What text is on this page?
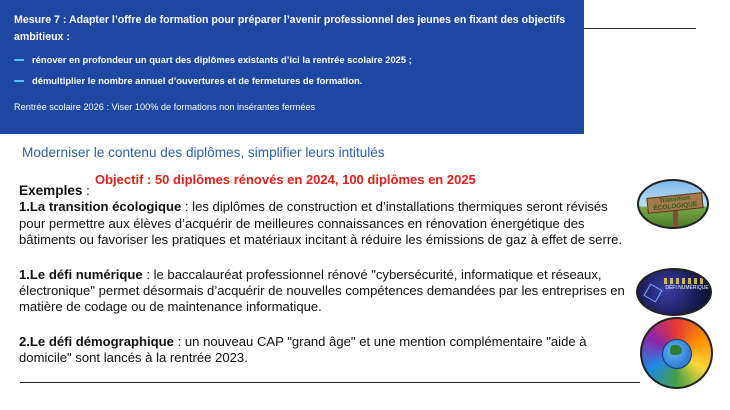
Mesure 7 : Adapter l’offre de formation pour préparer l’avenir professionnel des jeunes en fixant des objectifs ambitieux :
rénover en profondeur un quart des diplômes existants d’ici la rentrée scolaire 2025 ;
démultiplier le nombre annuel d’ouvertures et de fermetures de formation.
Rentrée scolaire 2026 : Viser 100% de formations non insérantes fermées
Moderniser le contenu des diplômes, simplifier leurs intitulés
Objectif : 50 diplômes rénovés en 2024, 100 diplômes en 2025
Exemples :

1.La transition écologique : les diplômes de construction et d’installations thermiques seront révisés pour permettre aux élèves d’acquérir de meilleures connaissances en rénovation énergétique des bâtiments ou favoriser les pratiques et matériaux incitant à réduire les émissions de gaz à effet de serre.

1.Le défi numérique : le baccalauréat professionnel rénové "cybersécurité, informatique et réseaux, électronique" permet désormais d’acquérir de nouvelles compétences demandées par les entreprises en matière de codage ou de maintenance informatique.

2.Le défi démographique : un nouveau CAP "grand âge" et une mention complémentaire "aide à domicile" sont lancés à la rentrée 2023.

Transition ÉCOLOGIQUE
DÉFI NUMÉRIQUE
